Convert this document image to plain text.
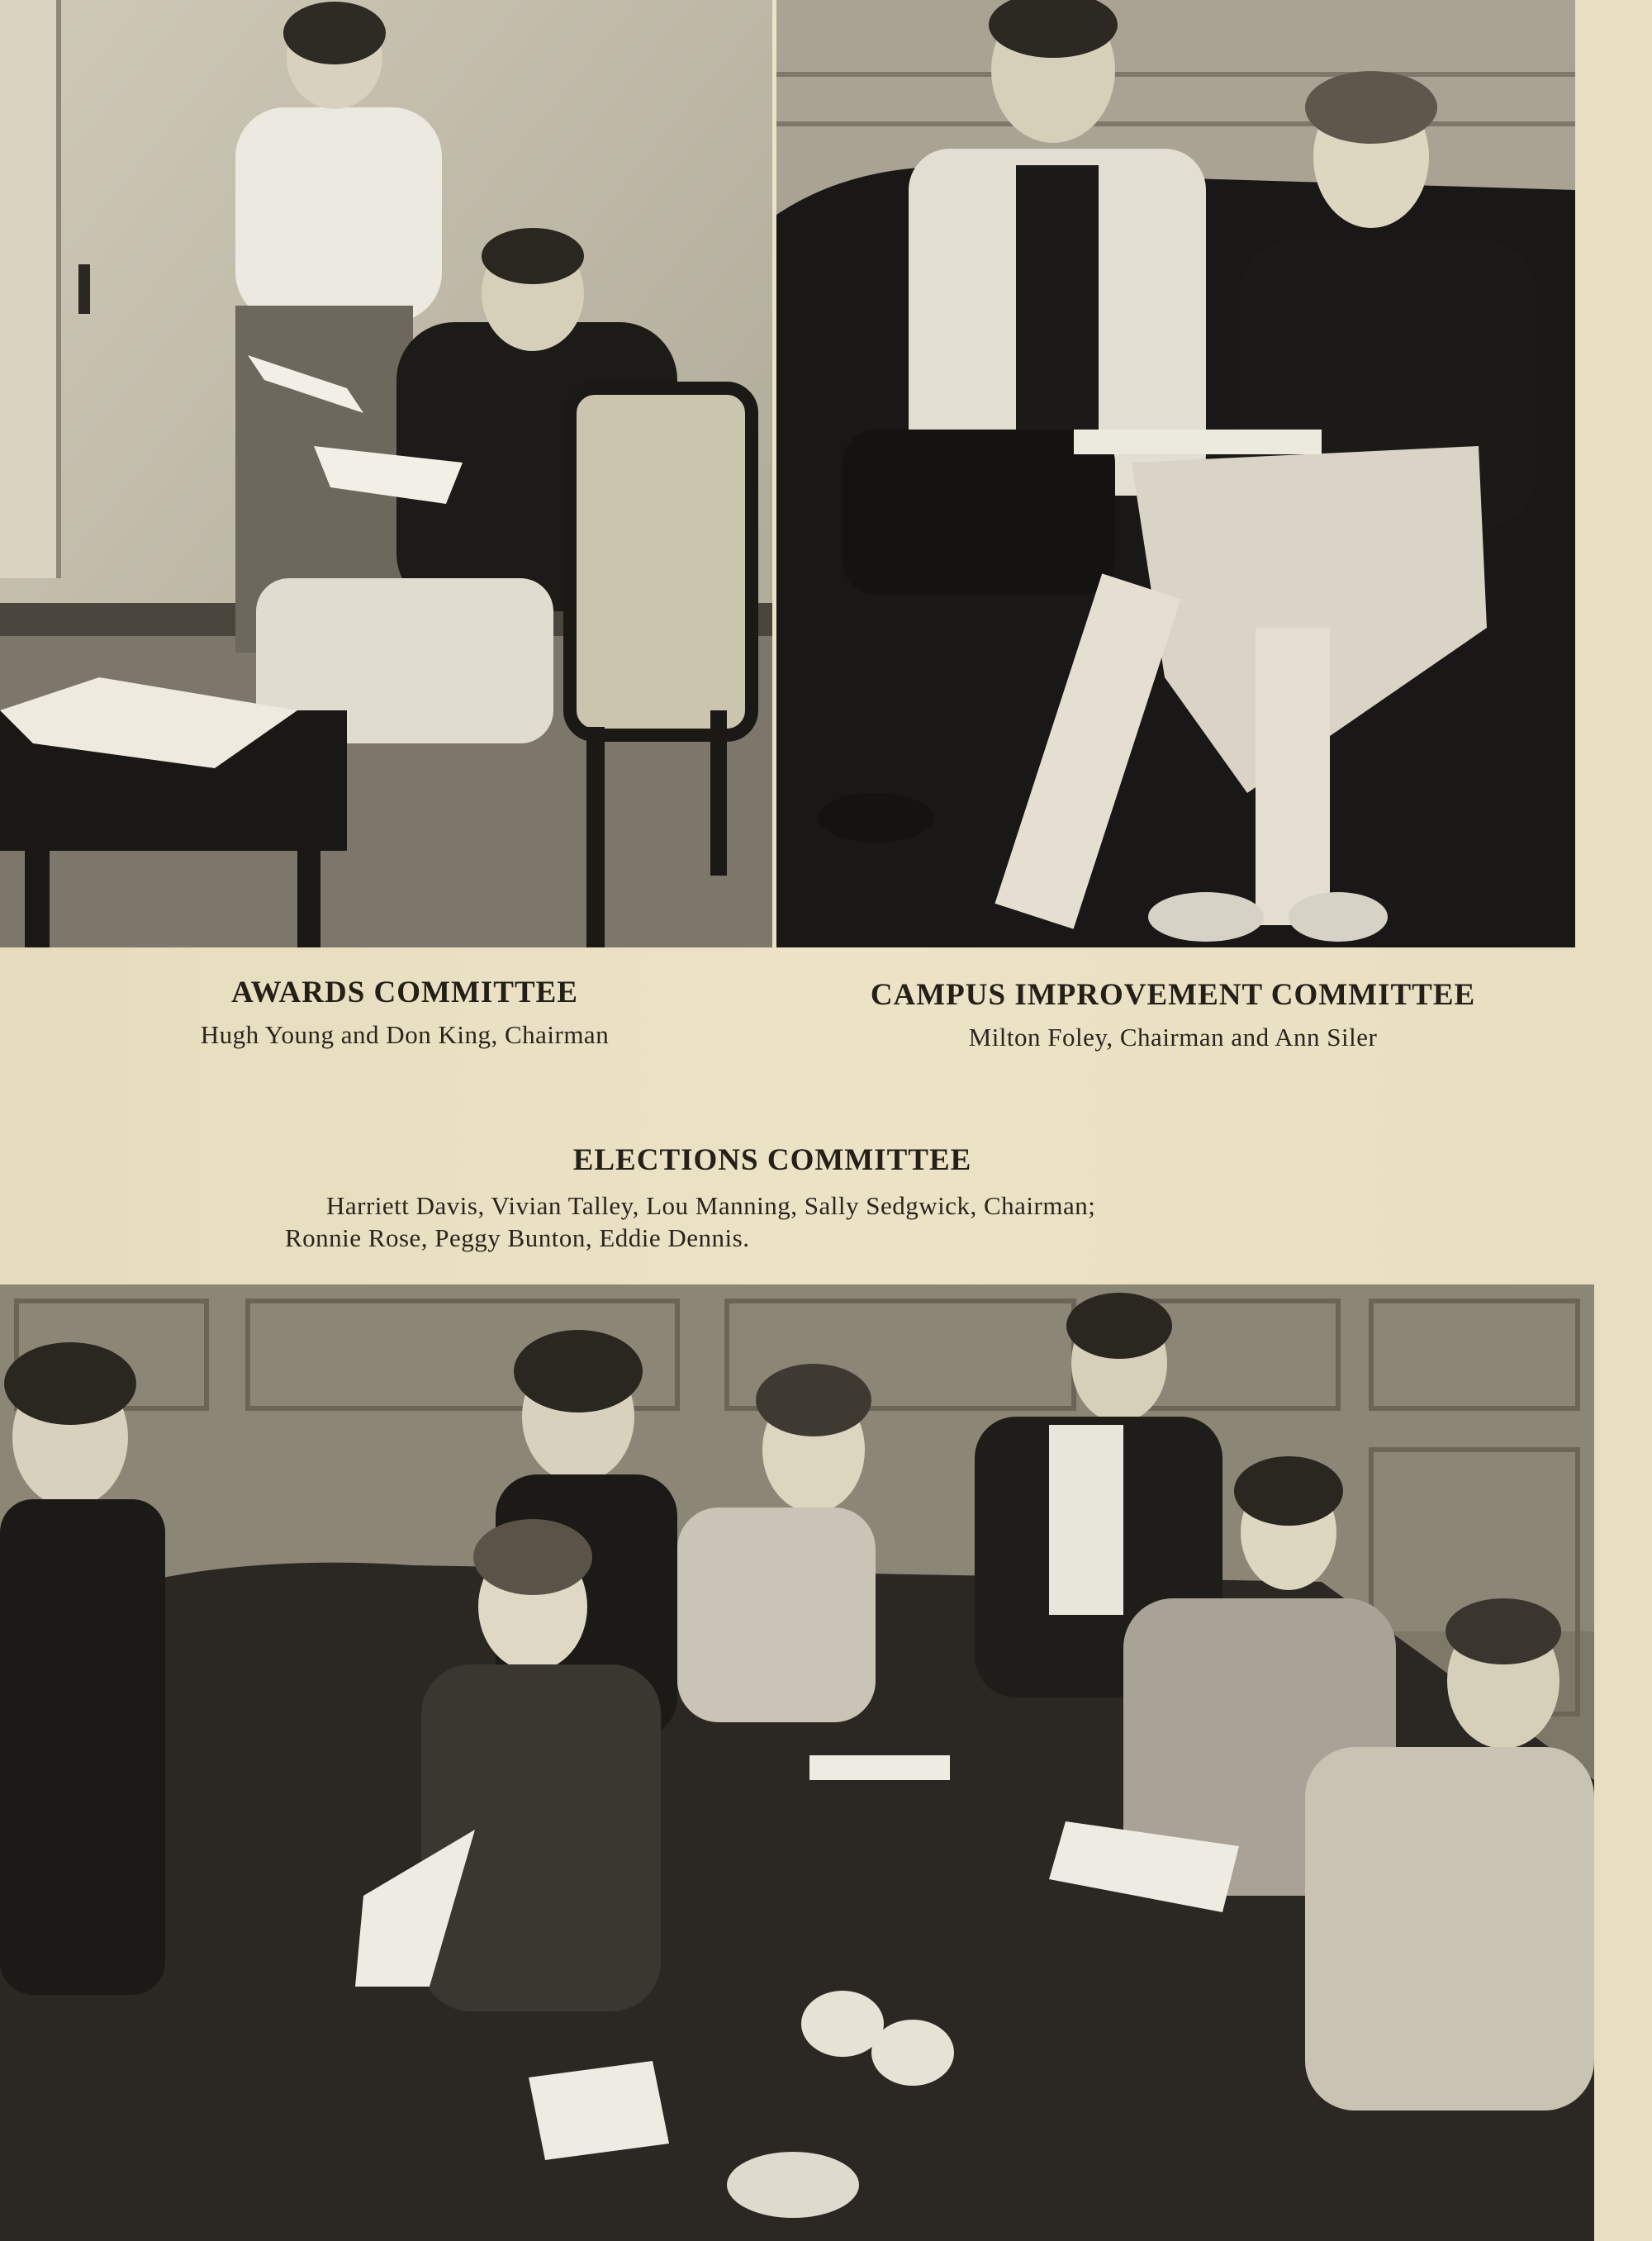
AWARDS COMMITTEE
Hugh Young and Don King, Chairman
CAMPUS IMPROVEMENT COMMITTEE
Milton Foley, Chairman and Ann Siler
ELECTIONS COMMITTEE
Harriett Davis, Vivian Talley, Lou Manning, Sally Sedgwick, Chairman;
Ronnie Rose, Peggy Bunton, Eddie Dennis.
